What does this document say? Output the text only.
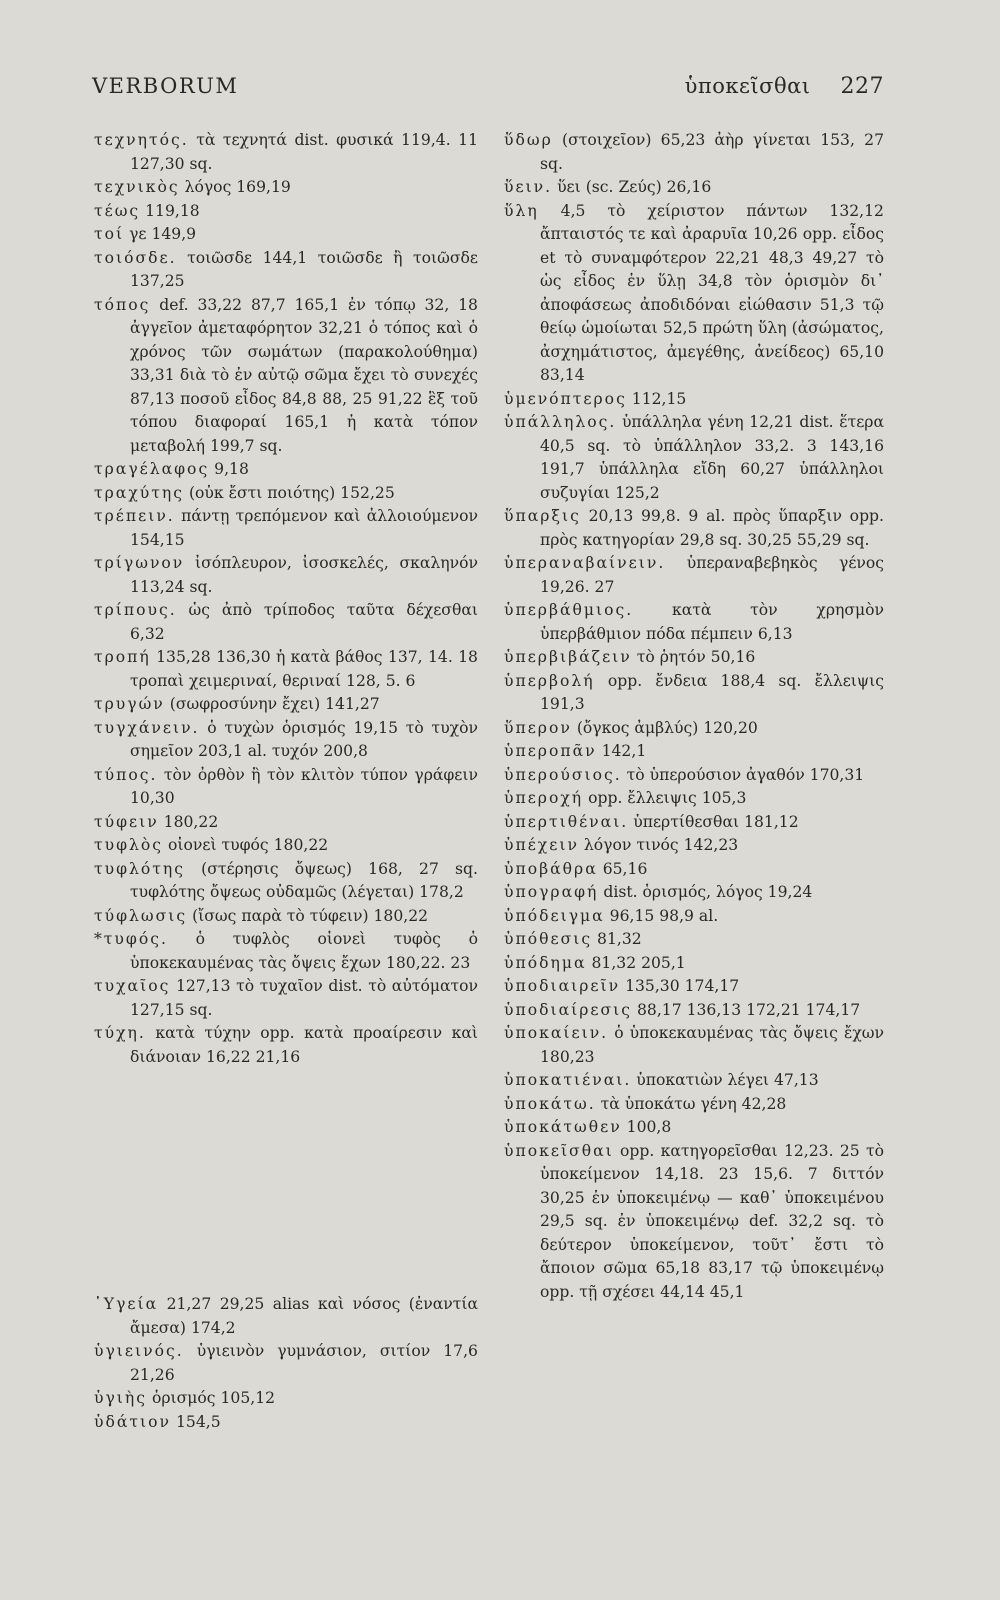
VERBORUM	ὑποκεῖσθαι 227

τεχνητός. τὰ τεχνητά dist. φυσικά 119,4. 11 127,30 sq.

τεχνικὸς λόγος 169,19

τέως 119,18

τοί γε 149,9

τοιόσδε. τοιῶσδε 144,1 τοιῶσδε ἢ τοιῶσδε 137,25

τόπος def. 33,22 87,7 165,1 ἐν τόπῳ 32, 18 ἀγγεῖον ἀμεταφόρητον 32,21 ὁ τόπος καὶ ὁ χρόνος τῶν σωμάτων (παρακολούθημα) 33,31 διὰ τὸ ἐν αὐτῷ σῶμα ἔχει τὸ συνεχές 87,13 ποσοῦ εἶδος 84,8 88, 25 91,22 ἓξ τοῦ τόπου διαφοραί 165,1 ἡ κατὰ τόπον μεταβολή 199,7 sq.

τραγέλαφος 9,18

τραχύτης (οὐκ ἔστι ποιότης) 152,25

τρέπειν. πάντῃ τρεπόμενον καὶ ἀλλοιούμενον 154,15

τρίγωνον ἰσόπλευρον, ἰσοσκελές, σκαληνόν 113,24 sq.

τρίπους. ὡς ἀπὸ τρίποδος ταῦτα δέχεσθαι 6,32

τροπή 135,28 136,30 ἡ κατὰ βάθος 137, 14. 18 τροπαὶ χειμεριναί, θεριναί 128, 5. 6

τρυγών (σωφροσύνην ἔχει) 141,27

τυγχάνειν. ὁ τυχὼν ὁρισμός 19,15 τὸ τυχὸν σημεῖον 203,1 al. τυχόν 200,8

τύπος. τὸν ὀρθὸν ἢ τὸν κλιτὸν τύπον γράφειν 10,30

τύφειν 180,22

τυφλὸς οἱονεὶ τυφός 180,22

τυφλότης (στέρησις ὄψεως) 168, 27 sq. τυφλότης ὄψεως οὐδαμῶς (λέγεται) 178,2

τύφλωσις (ἴσως παρὰ τὸ τύφειν) 180,22

*τυφός. ὁ τυφλὸς οἱονεὶ τυφὸς ὁ ὑποκεκαυμένας τὰς ὄψεις ἔχων 180,22. 23

τυχαῖος 127,13 τὸ τυχαῖον dist. τὸ αὐτόματον 127,15 sq.

τύχη. κατὰ τύχην opp. κατὰ προαίρεσιν καὶ διάνοιαν 16,22 21,16

῾Υγεία 21,27 29,25 alias καὶ νόσος (ἐναντία ἄμεσα) 174,2

ὑγιεινός. ὑγιεινὸν γυμνάσιον, σιτίον 17,6 21,26

ὑγιὴς ὁρισμός 105,12

ὑδάτιον 154,5

ὕδωρ (στοιχεῖον) 65,23 ἀὴρ γίνεται 153, 27 sq.

ὕειν. ὕει (sc. Ζεύς) 26,16

ὕλη 4,5 τὸ χείριστον πάντων 132,12 ἄπταιστός τε καὶ ἀραρυῖα 10,26 opp. εἶδος et τὸ συναμφότερον 22,21 48,3 49,27 τὸ ὡς εἶδος ἐν ὕλῃ 34,8 τὸν ὁρισμὸν δι᾽ ἀποφάσεως ἀποδιδόναι εἰώθασιν 51,3 τῷ θείῳ ὡμοίωται 52,5 πρώτη ὕλη (ἀσώματος, ἀσχημάτιστος, ἀμεγέθης, ἀνείδεος) 65,10 83,14

ὑμενόπτερος 112,15

ὑπάλληλος. ὑπάλληλα γένη 12,21 dist. ἕτερα 40,5 sq. τὸ ὑπάλληλον 33,2. 3 143,16 191,7 ὑπάλληλα εἴδη 60,27 ὑπάλληλοι συζυγίαι 125,2

ὕπαρξις 20,13 99,8. 9 al. πρὸς ὕπαρξιν opp. πρὸς κατηγορίαν 29,8 sq. 30,25 55,29 sq.

ὑπεραναβαίνειν. ὑπεραναβεβηκὸς γένος 19,26. 27

ὑπερβάθμιος. κατὰ τὸν χρησμὸν ὑπερβάθμιον πόδα πέμπειν 6,13

ὑπερβιβάζειν τὸ ῥητόν 50,16

ὑπερβολή opp. ἔνδεια 188,4 sq. ἔλλειψις 191,3

ὕπερον (ὄγκος ἀμβλύς) 120,20

ὑπεροπᾶν 142,1

ὑπερούσιος. τὸ ὑπερούσιον ἀγαθόν 170,31

ὑπεροχή opp. ἔλλειψις 105,3

ὑπερτιθέναι. ὑπερτίθεσθαι 181,12

ὑπέχειν λόγον τινός 142,23

ὑποβάθρα 65,16

ὑπογραφή dist. ὁρισμός, λόγος 19,24

ὑπόδειγμα 96,15 98,9 al.

ὑπόθεσις 81,32

ὑπόδημα 81,32 205,1

ὑποδιαιρεῖν 135,30 174,17

ὑποδιαίρεσις 88,17 136,13 172,21 174,17

ὑποκαίειν. ὁ ὑποκεκαυμένας τὰς ὄψεις ἔχων 180,23

ὑποκατιέναι. ὑποκατιὼν λέγει 47,13

ὑποκάτω. τὰ ὑποκάτω γένη 42,28

ὑποκάτωθεν 100,8

ὑποκεῖσθαι opp. κατηγορεῖσθαι 12,23. 25 τὸ ὑποκείμενον 14,18. 23 15,6. 7 διττόν 30,25 ἐν ὑποκειμένῳ — καθ᾽ ὑποκειμένου 29,5 sq. ἐν ὑποκειμένῳ def. 32,2 sq. τὸ δεύτερον ὑποκείμενον, τοῦτ᾽ ἔστι τὸ ἄποιον σῶμα 65,18 83,17 τῷ ὑποκειμένῳ opp. τῇ σχέσει 44,14 45,1
